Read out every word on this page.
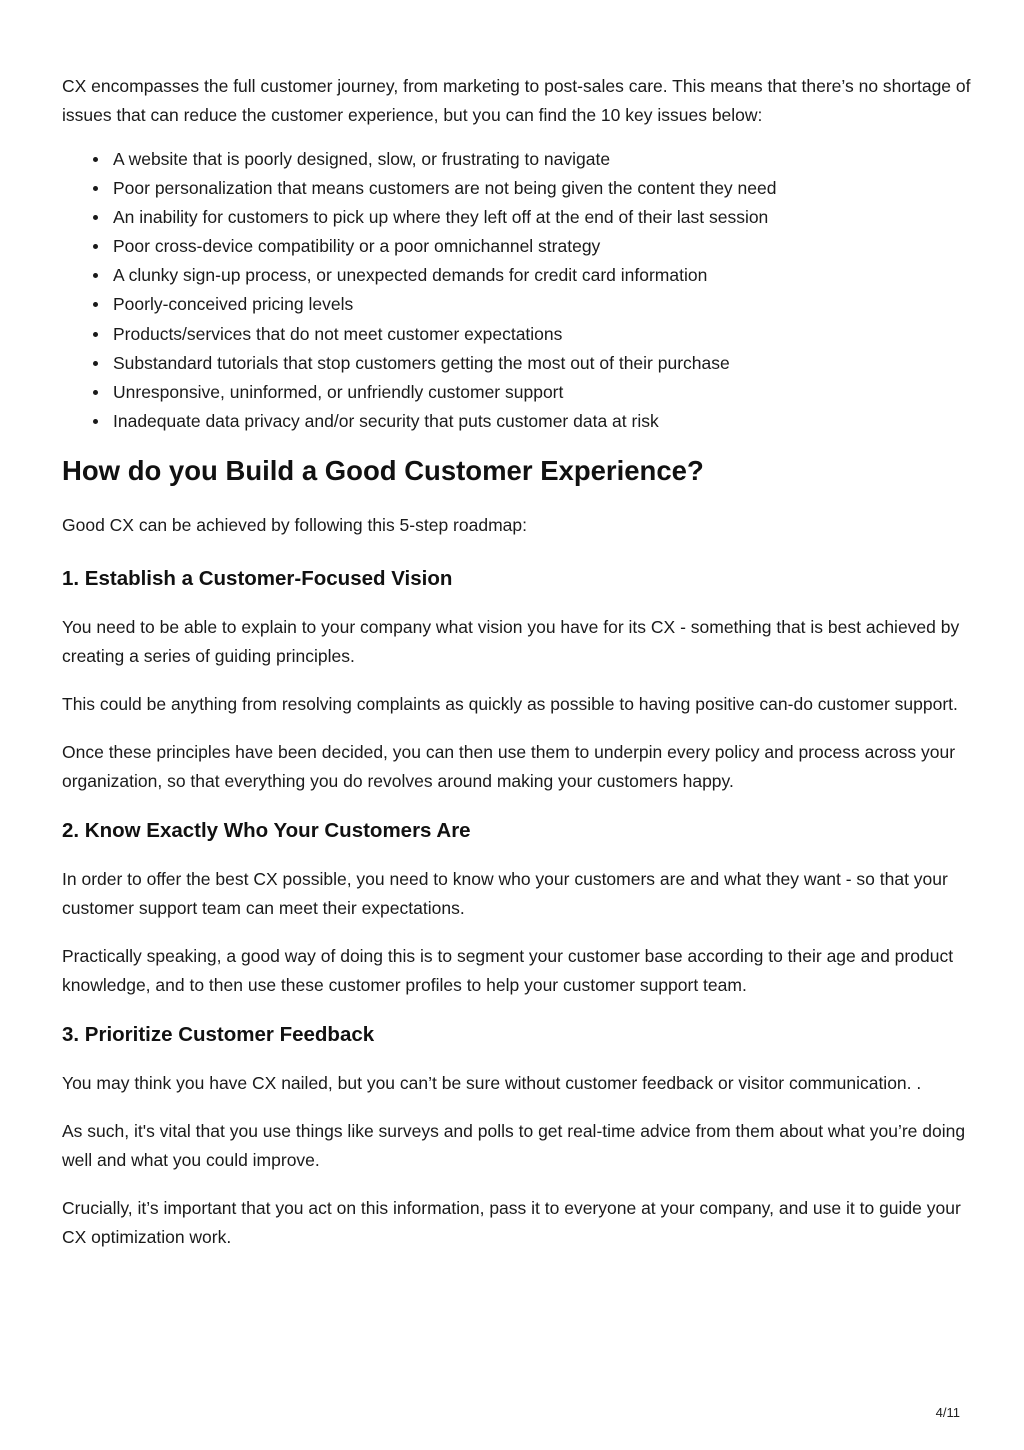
CX encompasses the full customer journey, from marketing to post-sales care. This means that there’s no shortage of issues that can reduce the customer experience, but you can find the 10 key issues below:

A website that is poorly designed, slow, or frustrating to navigate
Poor personalization that means customers are not being given the content they need
An inability for customers to pick up where they left off at the end of their last session
Poor cross-device compatibility or a poor omnichannel strategy
A clunky sign-up process, or unexpected demands for credit card information
Poorly-conceived pricing levels
Products/services that do not meet customer expectations
Substandard tutorials that stop customers getting the most out of their purchase
Unresponsive, uninformed, or unfriendly customer support
Inadequate data privacy and/or security that puts customer data at risk
How do you Build a Good Customer Experience?

Good CX can be achieved by following this 5-step roadmap:

1. Establish a Customer-Focused Vision

You need to be able to explain to your company what vision you have for its CX - something that is best achieved by creating a series of guiding principles.

This could be anything from resolving complaints as quickly as possible to having positive can-do customer support.

Once these principles have been decided, you can then use them to underpin every policy and process across your organization, so that everything you do revolves around making your customers happy.

2. Know Exactly Who Your Customers Are

In order to offer the best CX possible, you need to know who your customers are and what they want - so that your customer support team can meet their expectations.

Practically speaking, a good way of doing this is to segment your customer base according to their age and product knowledge, and to then use these customer profiles to help your customer support team.

3. Prioritize Customer Feedback

You may think you have CX nailed, but you can’t be sure without customer feedback or visitor communication. .

As such, it's vital that you use things like surveys and polls to get real-time advice from them about what you’re doing well and what you could improve.

Crucially, it’s important that you act on this information, pass it to everyone at your company, and use it to guide your CX optimization work.

4/11
